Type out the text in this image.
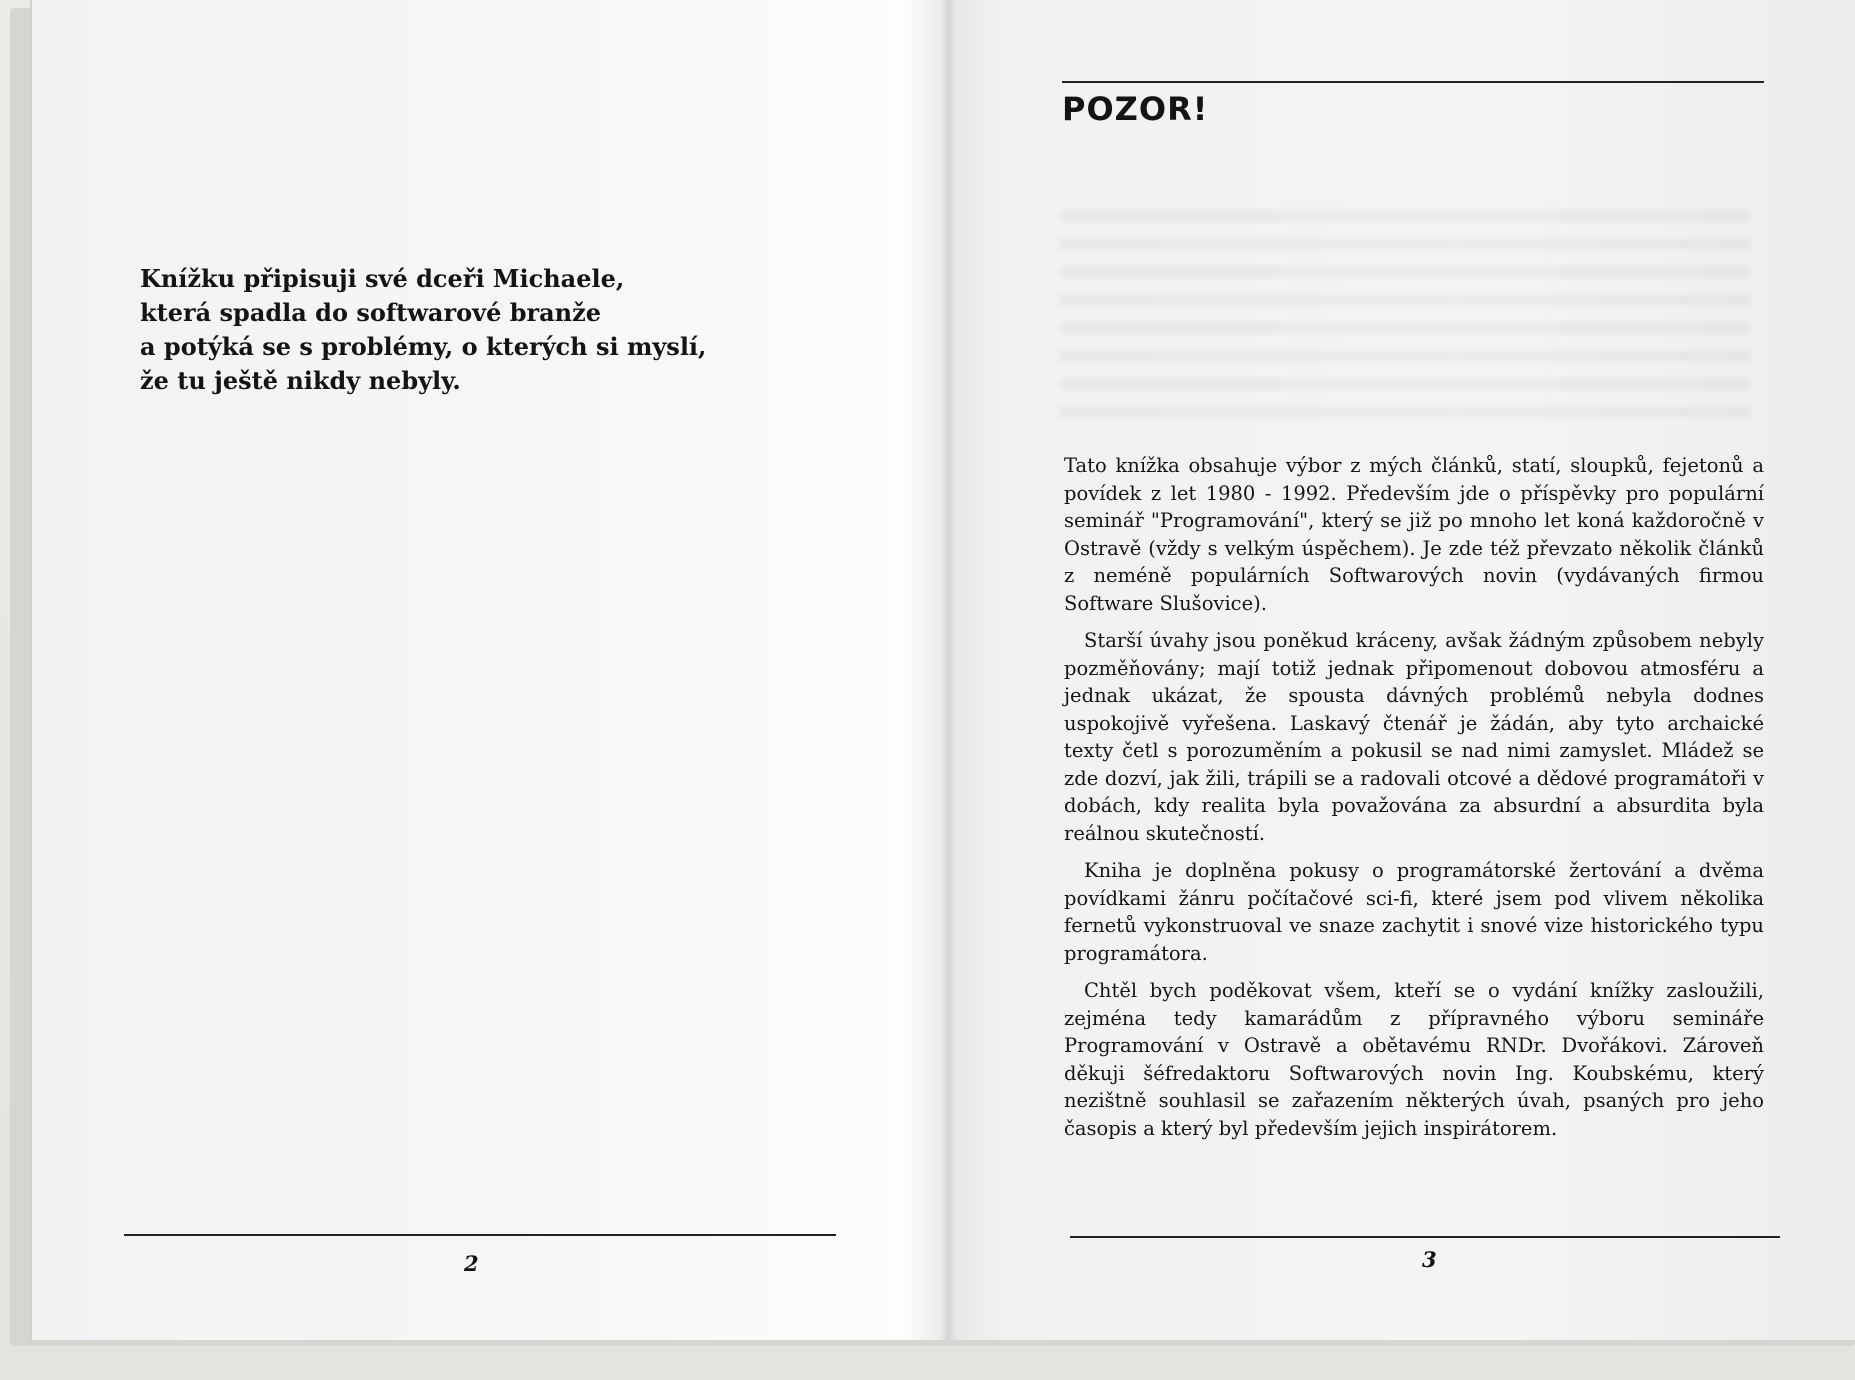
Knížku připisuji své dceři Michaele,
která spadla do softwarové branže
a potýká se s problémy, o kterých si myslí,
že tu ještě nikdy nebyly.

2
POZOR!

Tato knížka obsahuje výbor z mých článků, statí, sloupků, fejetonů a povídek z let 1980 - 1992. Především jde o příspěvky pro populární seminář "Programování", který se již po mnoho let koná každoročně v Ostravě (vždy s velkým úspěchem). Je zde též převzato několik článků z neméně populárních Softwarových novin (vydávaných firmou Software Slušovice).

Starší úvahy jsou poněkud kráceny, avšak žádným způsobem nebyly pozměňovány; mají totiž jednak připomenout dobovou atmosféru a jednak ukázat, že spousta dávných problémů nebyla dodnes uspokojivě vyřešena. Laskavý čtenář je žádán, aby tyto archaické texty četl s porozuměním a pokusil se nad nimi zamyslet. Mládež se zde dozví, jak žili, trápili se a radovali otcové a dědové programátoři v dobách, kdy realita byla považována za absurdní a absurdita byla reálnou skutečností.

Kniha je doplněna pokusy o programátorské žertování a dvěma povídkami žánru počítačové sci-fi, které jsem pod vlivem několika fernetů vykonstruoval ve snaze zachytit i snové vize historického typu programátora.

Chtěl bych poděkovat všem, kteří se o vydání knížky zasloužili, zejména tedy kamarádům z přípravného výboru semináře Programování v Ostravě a obětavému RNDr. Dvořákovi. Zároveň děkuji šéfredaktoru Softwarových novin Ing. Koubskému, který nezištně souhlasil se zařazením některých úvah, psaných pro jeho časopis a který byl především jejich inspirátorem.

3
